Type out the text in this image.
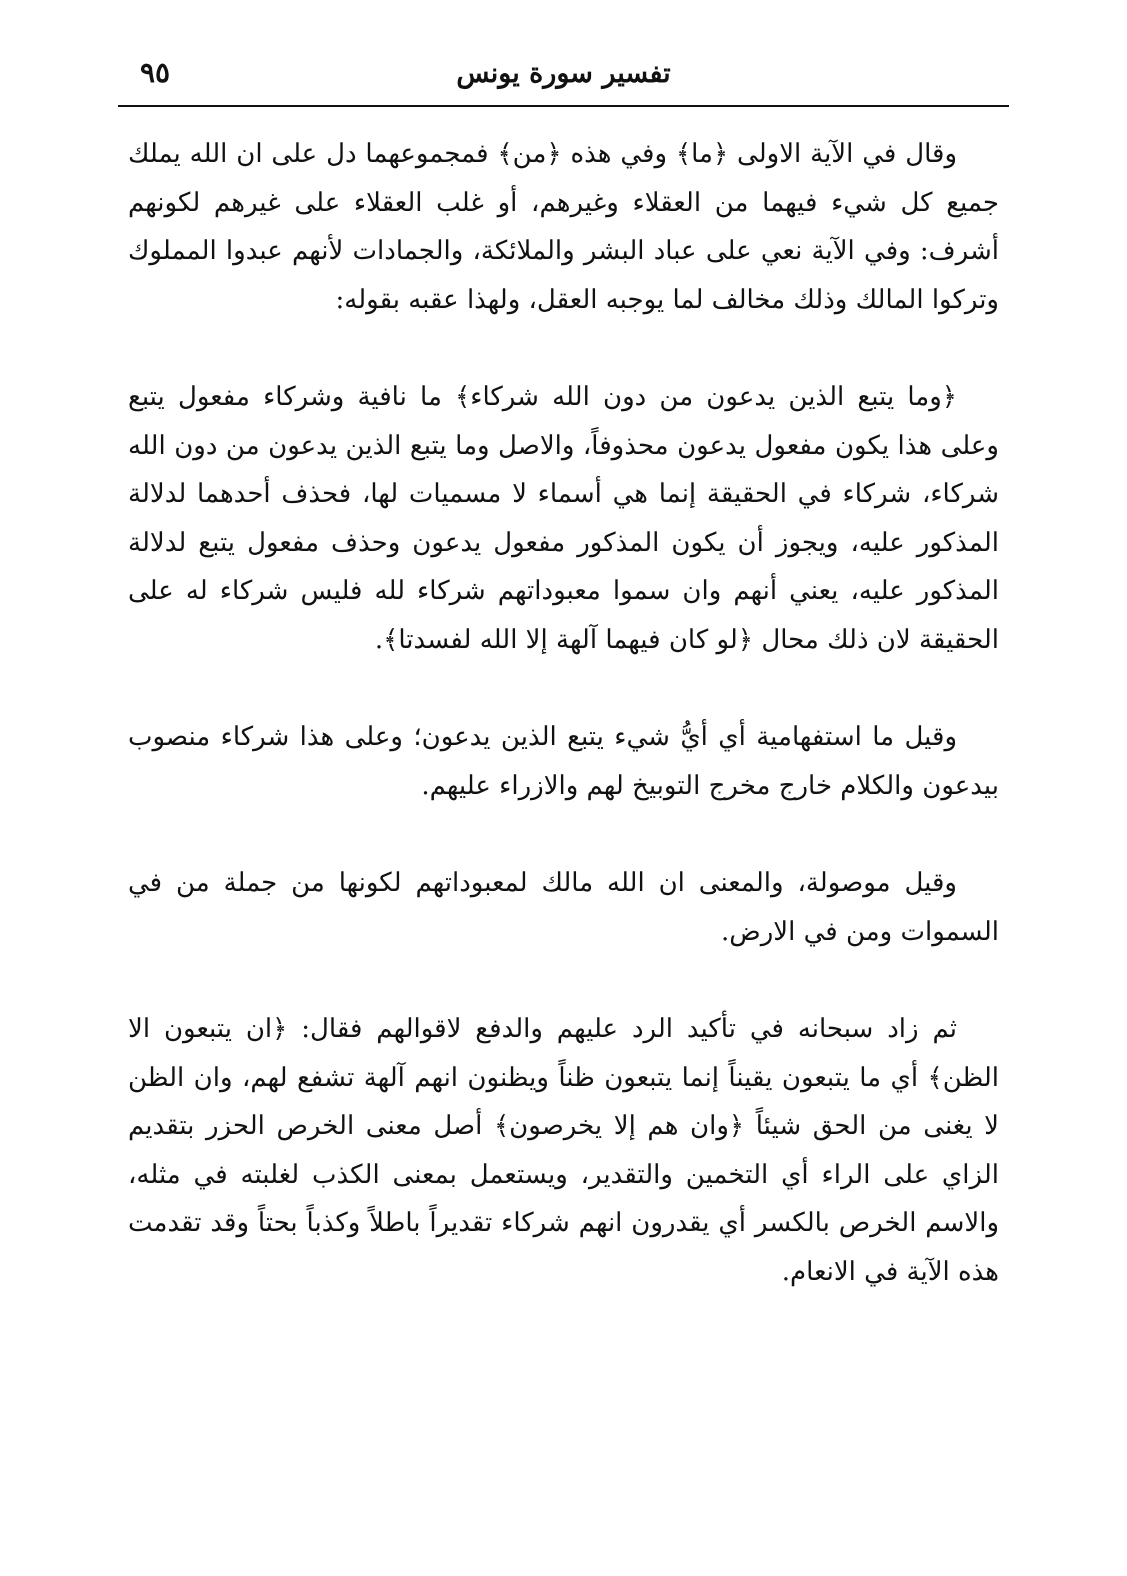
تفسير سورة يونس
٩٥

وقال في الآية الاولى ﴿ما﴾ وفي هذه ﴿من﴾ فمجموعهما دل على ان الله يملك جميع كل شيء فيهما من العقلاء وغيرهم، أو غلب العقلاء على غيرهم لكونهم أشرف: وفي الآية نعي على عباد البشر والملائكة، والجمادات لأنهم عبدوا المملوك وتركوا المالك وذلك مخالف لما يوجبه العقل، ولهذا عقبه بقوله:

﴿وما يتبع الذين يدعون من دون الله شركاء﴾ ما نافية وشركاء مفعول يتبع وعلى هذا يكون مفعول يدعون محذوفاً، والاصل وما يتبع الذين يدعون من دون الله شركاء، شركاء في الحقيقة إنما هي أسماء لا مسميات لها، فحذف أحدهما لدلالة المذكور عليه، ويجوز أن يكون المذكور مفعول يدعون وحذف مفعول يتبع لدلالة المذكور عليه، يعني أنهم وان سموا معبوداتهم شركاء لله فليس شركاء له على الحقيقة لان ذلك محال ﴿لو كان فيهما آلهة إلا الله لفسدتا﴾.

وقيل ما استفهامية أي أيُّ شيء يتبع الذين يدعون؛ وعلى هذا شركاء منصوب بيدعون والكلام خارج مخرج التوبيخ لهم والازراء عليهم.

وقيل موصولة، والمعنى ان الله مالك لمعبوداتهم لكونها من جملة من في السموات ومن في الارض.

ثم زاد سبحانه في تأكيد الرد عليهم والدفع لاقوالهم فقال: ﴿ان يتبعون الا الظن﴾ أي ما يتبعون يقيناً إنما يتبعون ظناً ويظنون انهم آلهة تشفع لهم، وان الظن لا يغنى من الحق شيئاً ﴿وان هم إلا يخرصون﴾ أصل معنى الخرص الحزر بتقديم الزاي على الراء أي التخمين والتقدير، ويستعمل بمعنى الكذب لغلبته في مثله، والاسم الخرص بالكسر أي يقدرون انهم شركاء تقديراً باطلاً وكذباً بحتاً وقد تقدمت هذه الآية في الانعام.
